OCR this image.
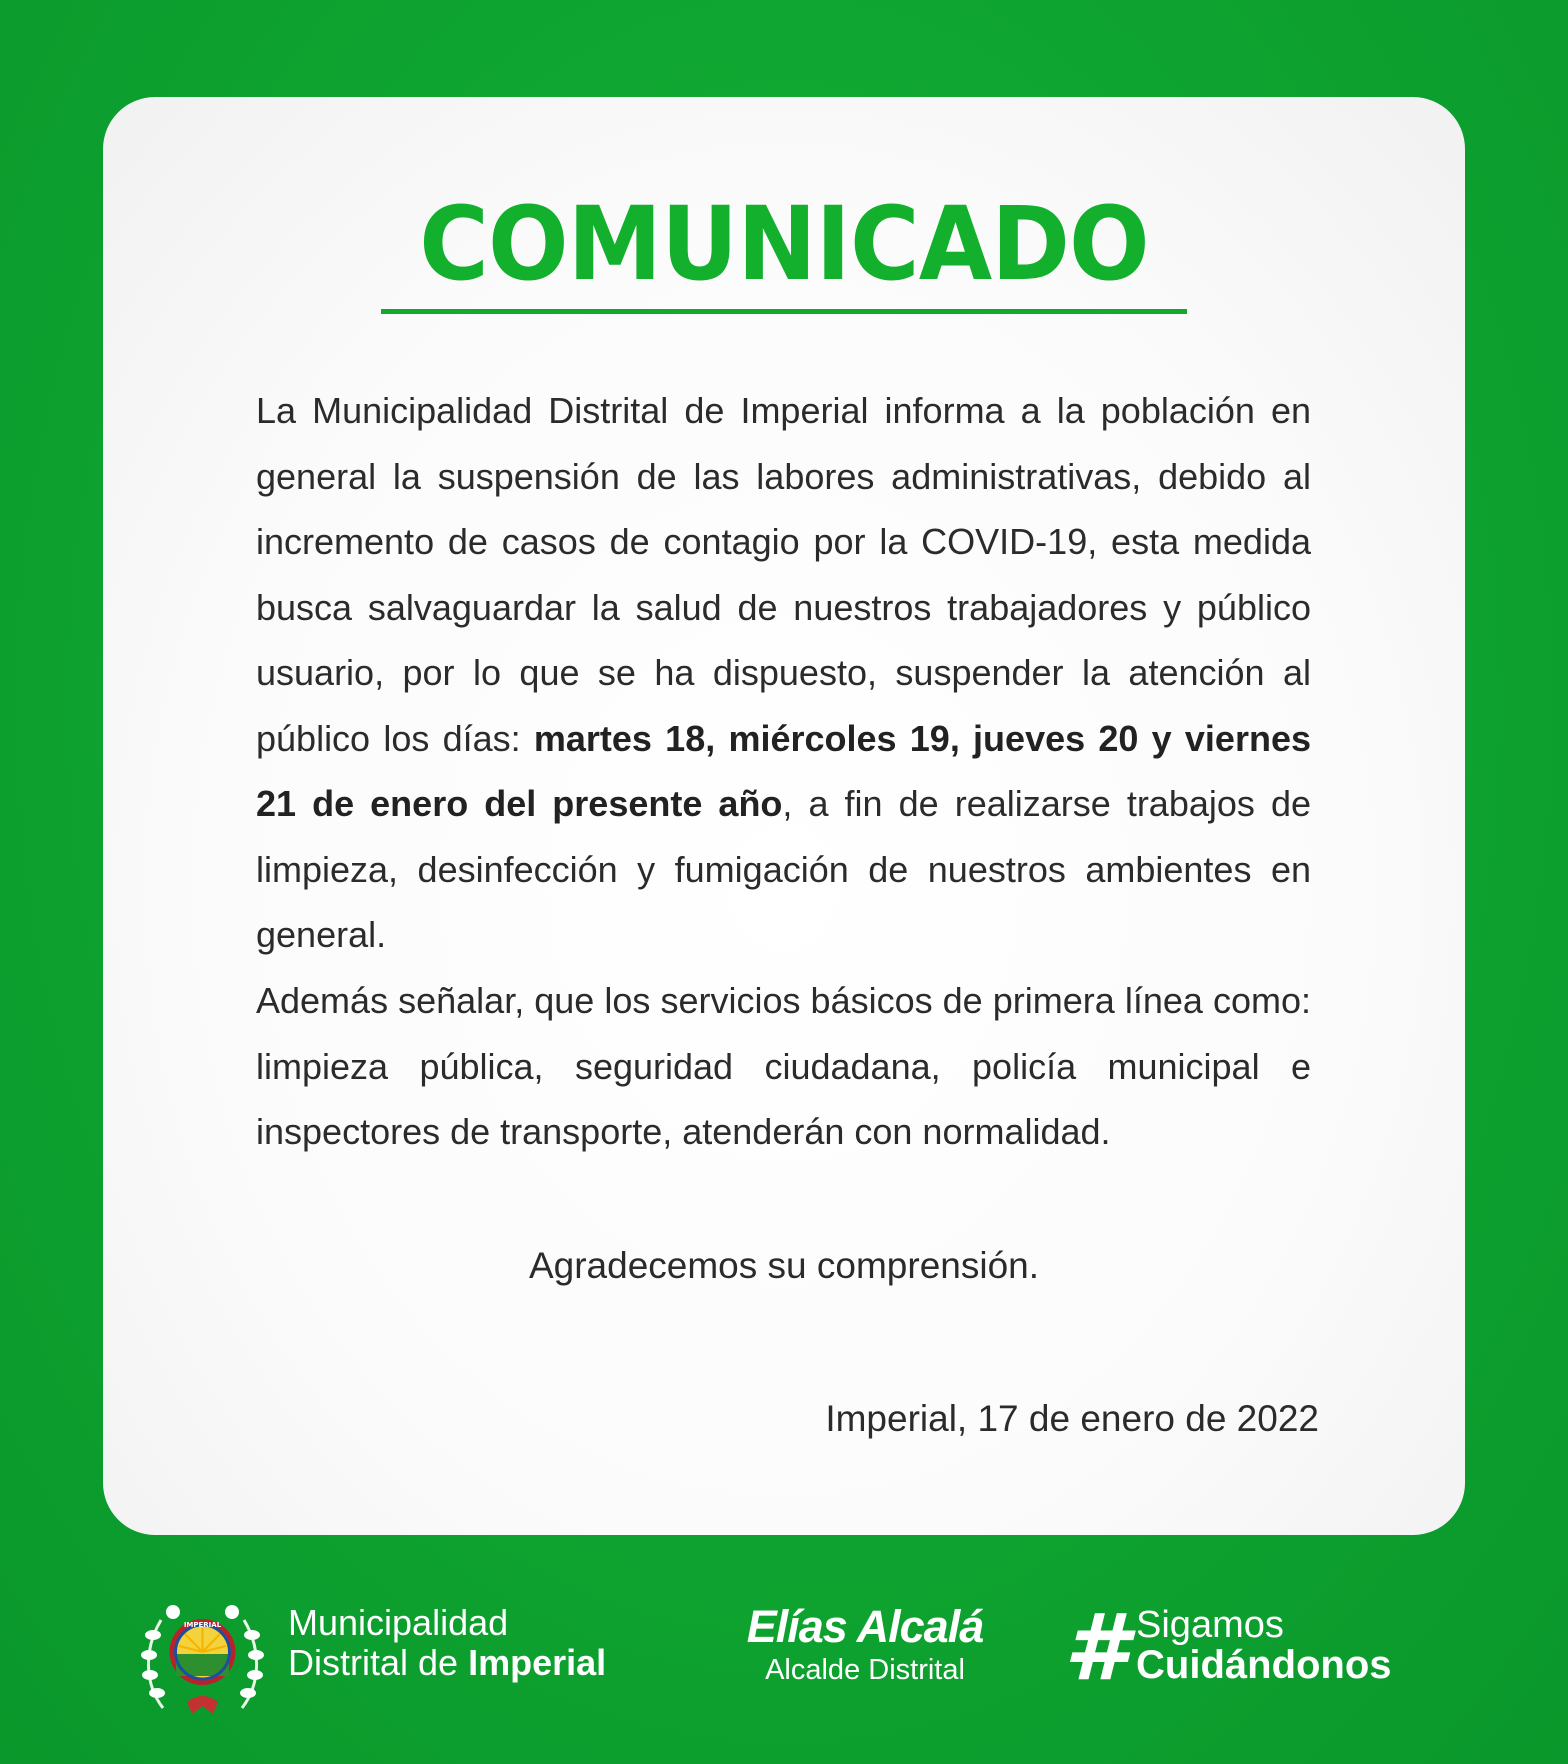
COMUNICADO

La Municipalidad Distrital de Imperial informa a la población en general la suspensión de las labores administrativas, debido al incremento de casos de contagio por la COVID-19, esta medida busca salvaguardar la salud de nuestros trabajadores y público usuario, por lo que se ha dispuesto, suspender la atención al público los días: martes 18, miércoles 19, jueves 20 y viernes 21 de enero del presente año, a fin de realizarse trabajos de limpieza, desinfección y fumigación de nuestros ambientes en general.

Además señalar, que los servicios básicos de primera línea como: limpieza pública, seguridad ciudadana, policía municipal e inspectores de transporte, atenderán con normalidad.

Agradecemos su comprensión.

Imperial, 17 de enero de 2022

IMPERIAL Municipalidad
Distrital de Imperial
Elías Alcalá
Alcalde Distrital	# Sigamos
Cuidándonos
